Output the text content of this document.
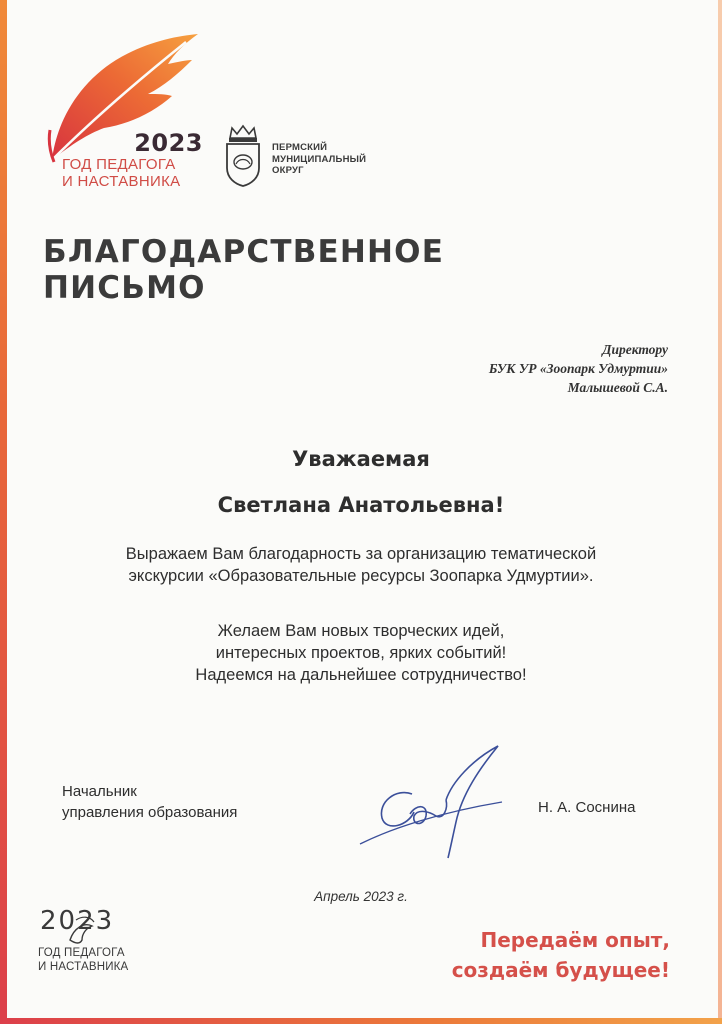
2023
ГОД ПЕДАГОГА
И НАСТАВНИКА
ПЕРМСКИЙ
МУНИЦИПАЛЬНЫЙ
ОКРУГ
БЛАГОДАРСТВЕННОЕ
ПИСЬМО
Директору
БУК УР «Зоопарк Удмуртии»
Малышевой С.А.
Уважаемая
Светлана Анатольевна!
Выражаем Вам благодарность за организацию тематической
экскурсии «Образовательные ресурсы Зоопарка Удмуртии».
Желаем Вам новых творческих идей,
интересных проектов, ярких событий!
Надеемся на дальнейшее сотрудничество!
Начальник
управления образования	Н. А. Соснина
Апрель 2023 г.
2023
ГОД ПЕДАГОГА
И НАСТАВНИКА
Передаём опыт,
создаём будущее!
